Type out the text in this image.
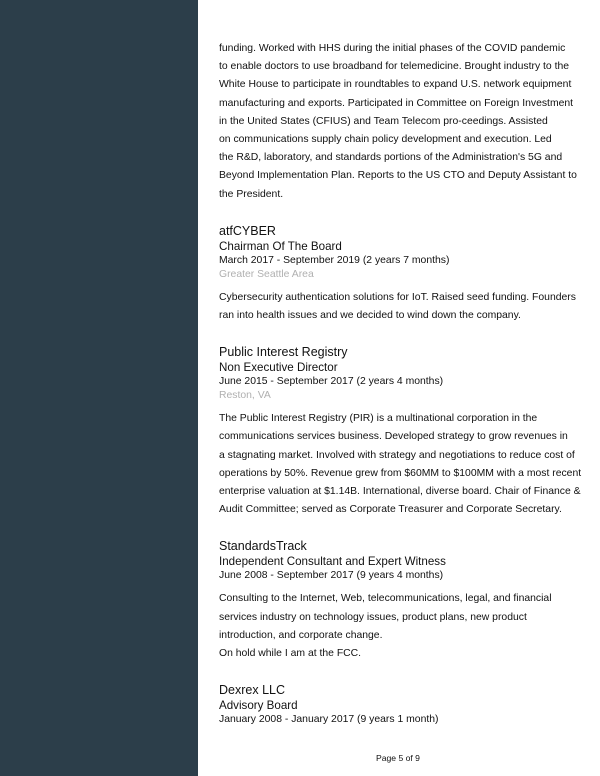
funding. Worked with HHS during the initial phases of the COVID pandemic
to enable doctors to use broadband for telemedicine. Brought industry to the
White House to participate in roundtables to expand U.S. network equipment
manufacturing and exports. Participated in Committee on Foreign Investment
in the United States (CFIUS) and Team Telecom pro-ceedings. Assisted
on communications supply chain policy development and execution. Led
the R&D, laboratory, and standards portions of the Administration's 5G and
Beyond Implementation Plan. Reports to the US CTO and Deputy Assistant to
the President.

atfCYBER

Chairman Of The Board

March 2017 - September 2019 (2 years 7 months)

Greater Seattle Area

Cybersecurity authentication solutions for IoT. Raised seed funding. Founders
ran into health issues and we decided to wind down the company.

Public Interest Registry

Non Executive Director

June 2015 - September 2017 (2 years 4 months)

Reston, VA

The Public Interest Registry (PIR) is a multinational corporation in the
communications services business. Developed strategy to grow revenues in
a stagnating market. Involved with strategy and negotiations to reduce cost of
operations by 50%. Revenue grew from $60MM to $100MM with a most recent
enterprise valuation at $1.14B. International, diverse board. Chair of Finance &
Audit Committee; served as Corporate Treasurer and Corporate Secretary.

StandardsTrack

Independent Consultant and Expert Witness

June 2008 - September 2017 (9 years 4 months)

Consulting to the Internet, Web, telecommunications, legal, and financial
services industry on technology issues, product plans, new product
introduction, and corporate change.
On hold while I am at the FCC.

Dexrex LLC

Advisory Board

January 2008 - January 2017 (9 years 1 month)

Page 5 of 9
